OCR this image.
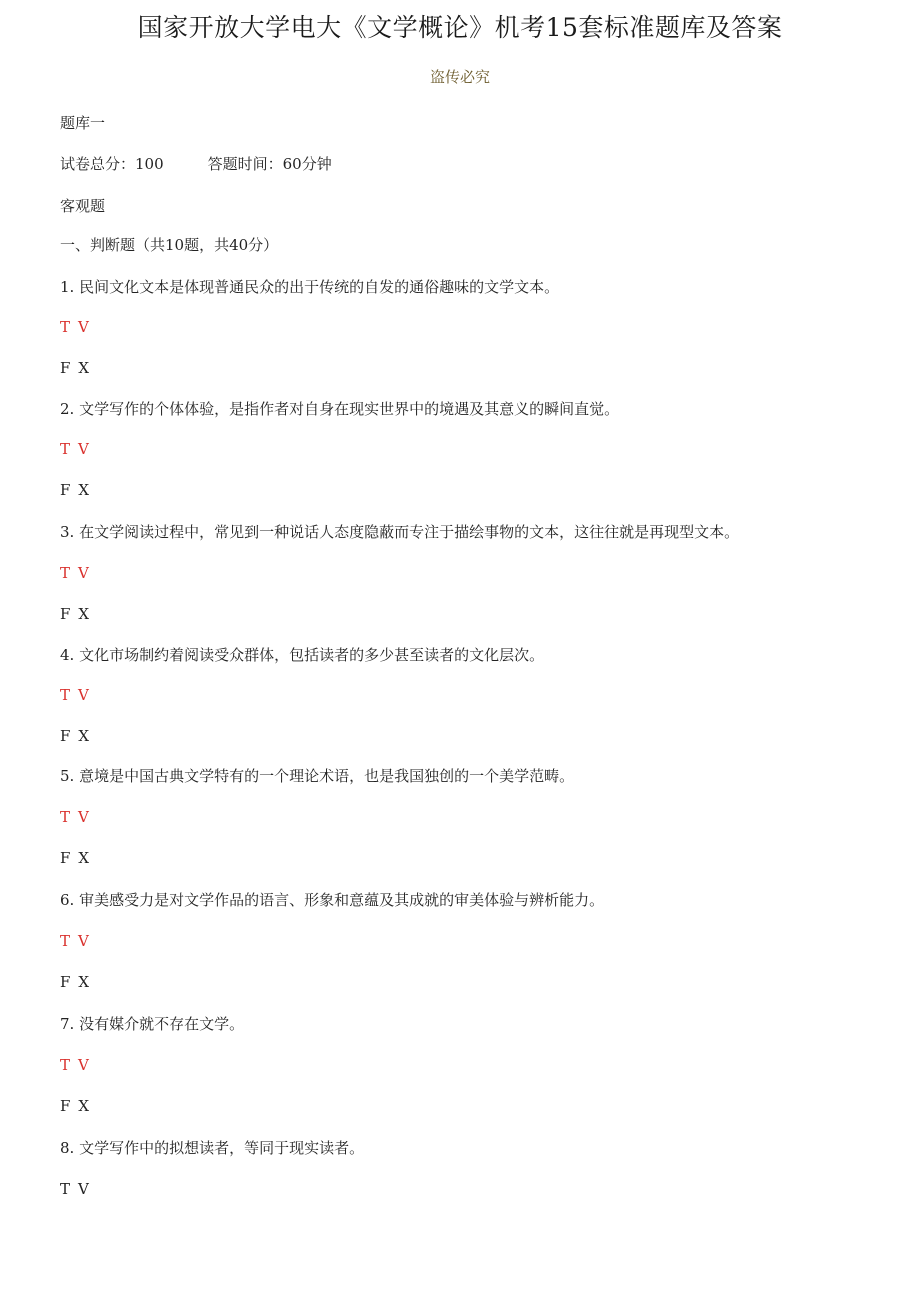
国家开放大学电大《文学概论》机考15套标准题库及答案
盗传必究
题库一
试卷总分：100	答题时间：60分钟
客观题
一、判断题（共10题，共40分）
1. 民间文化文本是体现普通民众的出于传统的自发的通俗趣味的文学文本。
T V
F X
2. 文学写作的个体体验，是指作者对自身在现实世界中的境遇及其意义的瞬间直觉。
T V
F X
3. 在文学阅读过程中，常见到一种说话人态度隐蔽而专注于描绘事物的文本，这往往就是再现型文本。
T V
F X
4. 文化市场制约着阅读受众群体，包括读者的多少甚至读者的文化层次。
T V
F X
5. 意境是中国古典文学特有的一个理论术语，也是我国独创的一个美学范畴。
T V
F X
6. 审美感受力是对文学作品的语言、形象和意蕴及其成就的审美体验与辨析能力。
T V
F X
7. 没有媒介就不存在文学。
T V
F X
8. 文学写作中的拟想读者，等同于现实读者。
T V
